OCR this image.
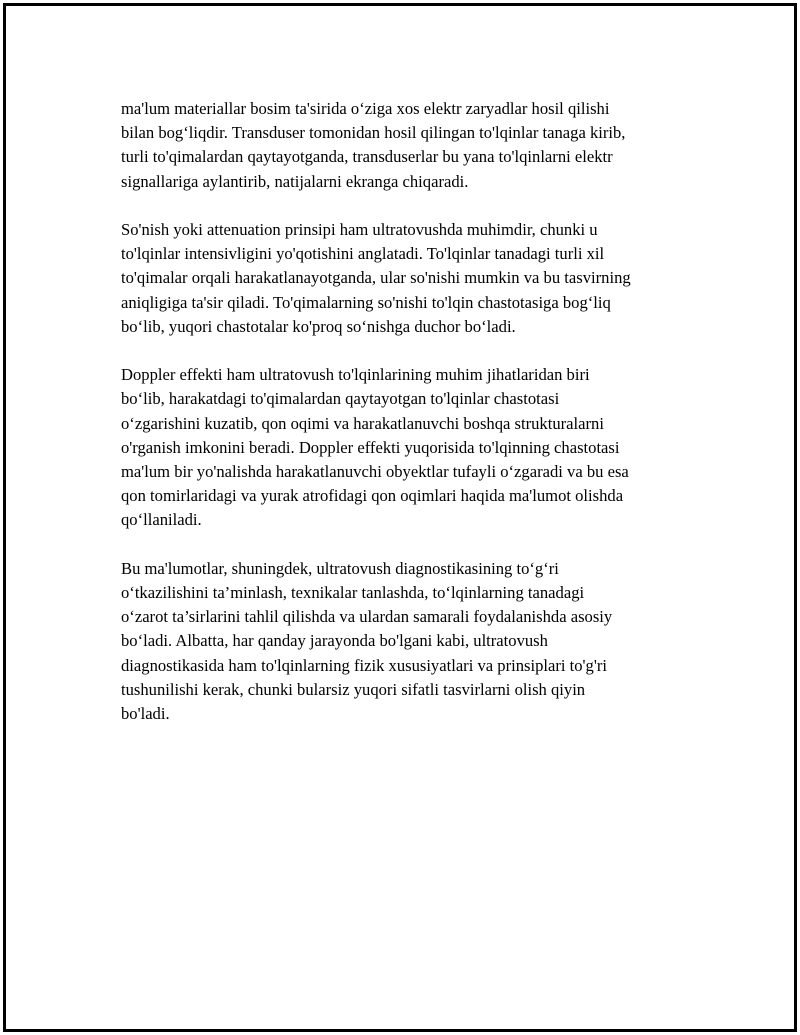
ma'lum materiallar bosim ta'sirida o‘ziga xos elektr zaryadlar hosil qilishi
bilan bog‘liqdir. Transduser tomonidan hosil qilingan to'lqinlar tanaga kirib,
turli to'qimalardan qaytayotganda, transduserlar bu yana to'lqinlarni elektr
signallariga aylantirib, natijalarni ekranga chiqaradi.

So'nish yoki attenuation prinsipi ham ultratovushda muhimdir, chunki u
to'lqinlar intensivligini yo'qotishini anglatadi. To'lqinlar tanadagi turli xil
to'qimalar orqali harakatlanayotganda, ular so'nishi mumkin va bu tasvirning
aniqligiga ta'sir qiladi. To'qimalarning so'nishi to'lqin chastotasiga bog‘liq
bo‘lib, yuqori chastotalar ko'proq so‘nishga duchor bo‘ladi.

Doppler effekti ham ultratovush to'lqinlarining muhim jihatlaridan biri
bo‘lib, harakatdagi to'qimalardan qaytayotgan to'lqinlar chastotasi
o‘zgarishini kuzatib, qon oqimi va harakatlanuvchi boshqa strukturalarni
o'rganish imkonini beradi. Doppler effekti yuqorisida to'lqinning chastotasi
ma'lum bir yo'nalishda harakatlanuvchi obyektlar tufayli o‘zgaradi va bu esa
qon tomirlaridagi va yurak atrofidagi qon oqimlari haqida ma'lumot olishda
qo‘llaniladi.

Bu ma'lumotlar, shuningdek, ultratovush diagnostikasining to‘g‘ri
o‘tkazilishini ta’minlash, texnikalar tanlashda, to‘lqinlarning tanadagi
o‘zarot ta’sirlarini tahlil qilishda va ulardan samarali foydalanishda asosiy
bo‘ladi. Albatta, har qanday jarayonda bo'lgani kabi, ultratovush
diagnostikasida ham to'lqinlarning fizik xususiyatlari va prinsiplari to'g'ri
tushunilishi kerak, chunki bularsiz yuqori sifatli tasvirlarni olish qiyin
bo'ladi.
